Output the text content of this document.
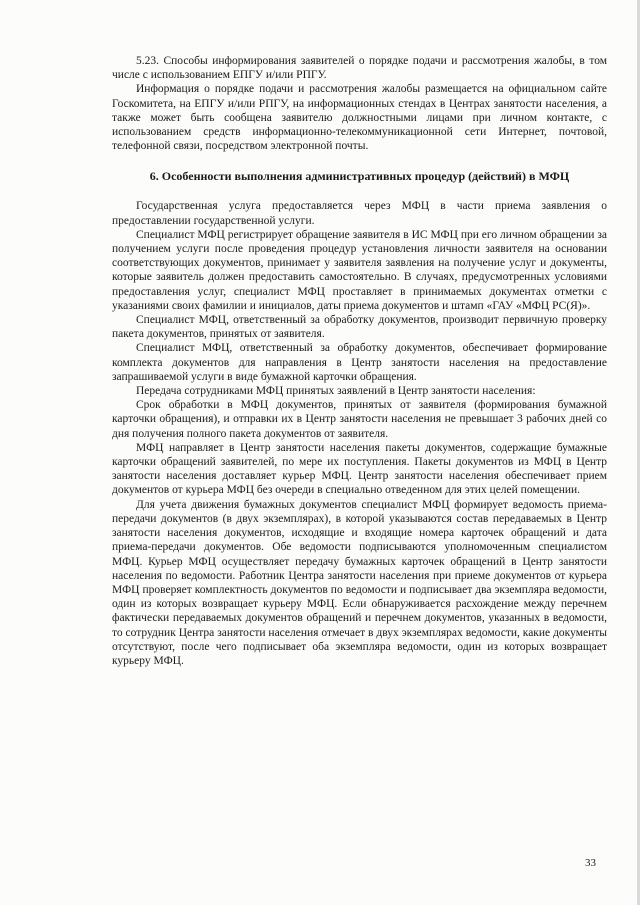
5.23. Способы информирования заявителей о порядке подачи и рассмотрения жалобы, в том числе с использованием ЕПГУ и/или РПГУ.

Информация о порядке подачи и рассмотрения жалобы размещается на официальном сайте Госкомитета, на ЕПГУ и/или РПГУ, на информационных стендах в Центрах занятости населения, а также может быть сообщена заявителю должностными лицами при личном контакте, с использованием средств информационно-телекоммуникационной сети Интернет, почтовой, телефонной связи, посредством электронной почты.

6. Особенности выполнения административных процедур (действий) в МФЦ

Государственная услуга предоставляется через МФЦ в части приема заявления о предоставлении государственной услуги.

Специалист МФЦ регистрирует обращение заявителя в ИС МФЦ при его личном обращении за получением услуги после проведения процедур установления личности заявителя на основании соответствующих документов, принимает у заявителя заявления на получение услуг и документы, которые заявитель должен предоставить самостоятельно. В случаях, предусмотренных условиями предоставления услуг, специалист МФЦ проставляет в принимаемых документах отметки с указаниями своих фамилии и инициалов, даты приема документов и штамп «ГАУ «МФЦ РС(Я)».

Специалист МФЦ, ответственный за обработку документов, производит первичную проверку пакета документов, принятых от заявителя.

Специалист МФЦ, ответственный за обработку документов, обеспечивает формирование комплекта документов для направления в Центр занятости населения на предоставление запрашиваемой услуги в виде бумажной карточки обращения.

Передача сотрудниками МФЦ принятых заявлений в Центр занятости населения:

Срок обработки в МФЦ документов, принятых от заявителя (формирования бумажной карточки обращения), и отправки их в Центр занятости населения не превышает 3 рабочих дней со дня получения полного пакета документов от заявителя.

МФЦ направляет в Центр занятости населения пакеты документов, содержащие бумажные карточки обращений заявителей, по мере их поступления. Пакеты документов из МФЦ в Центр занятости населения доставляет курьер МФЦ. Центр занятости населения обеспечивает прием документов от курьера МФЦ без очереди в специально отведенном для этих целей помещении.

Для учета движения бумажных документов специалист МФЦ формирует ведомость приема-передачи документов (в двух экземплярах), в которой указываются состав передаваемых в Центр занятости населения документов, исходящие и входящие номера карточек обращений и дата приема-передачи документов. Обе ведомости подписываются уполномоченным специалистом МФЦ. Курьер МФЦ осуществляет передачу бумажных карточек обращений в Центр занятости населения по ведомости. Работник Центра занятости населения при приеме документов от курьера МФЦ проверяет комплектность документов по ведомости и подписывает два экземпляра ведомости, один из которых возвращает курьеру МФЦ. Если обнаруживается расхождение между перечнем фактически передаваемых документов обращений и перечнем документов, указанных в ведомости, то сотрудник Центра занятости населения отмечает в двух экземплярах ведомости, какие документы отсутствуют, после чего подписывает оба экземпляра ведомости, один из которых возвращает курьеру МФЦ.

33
